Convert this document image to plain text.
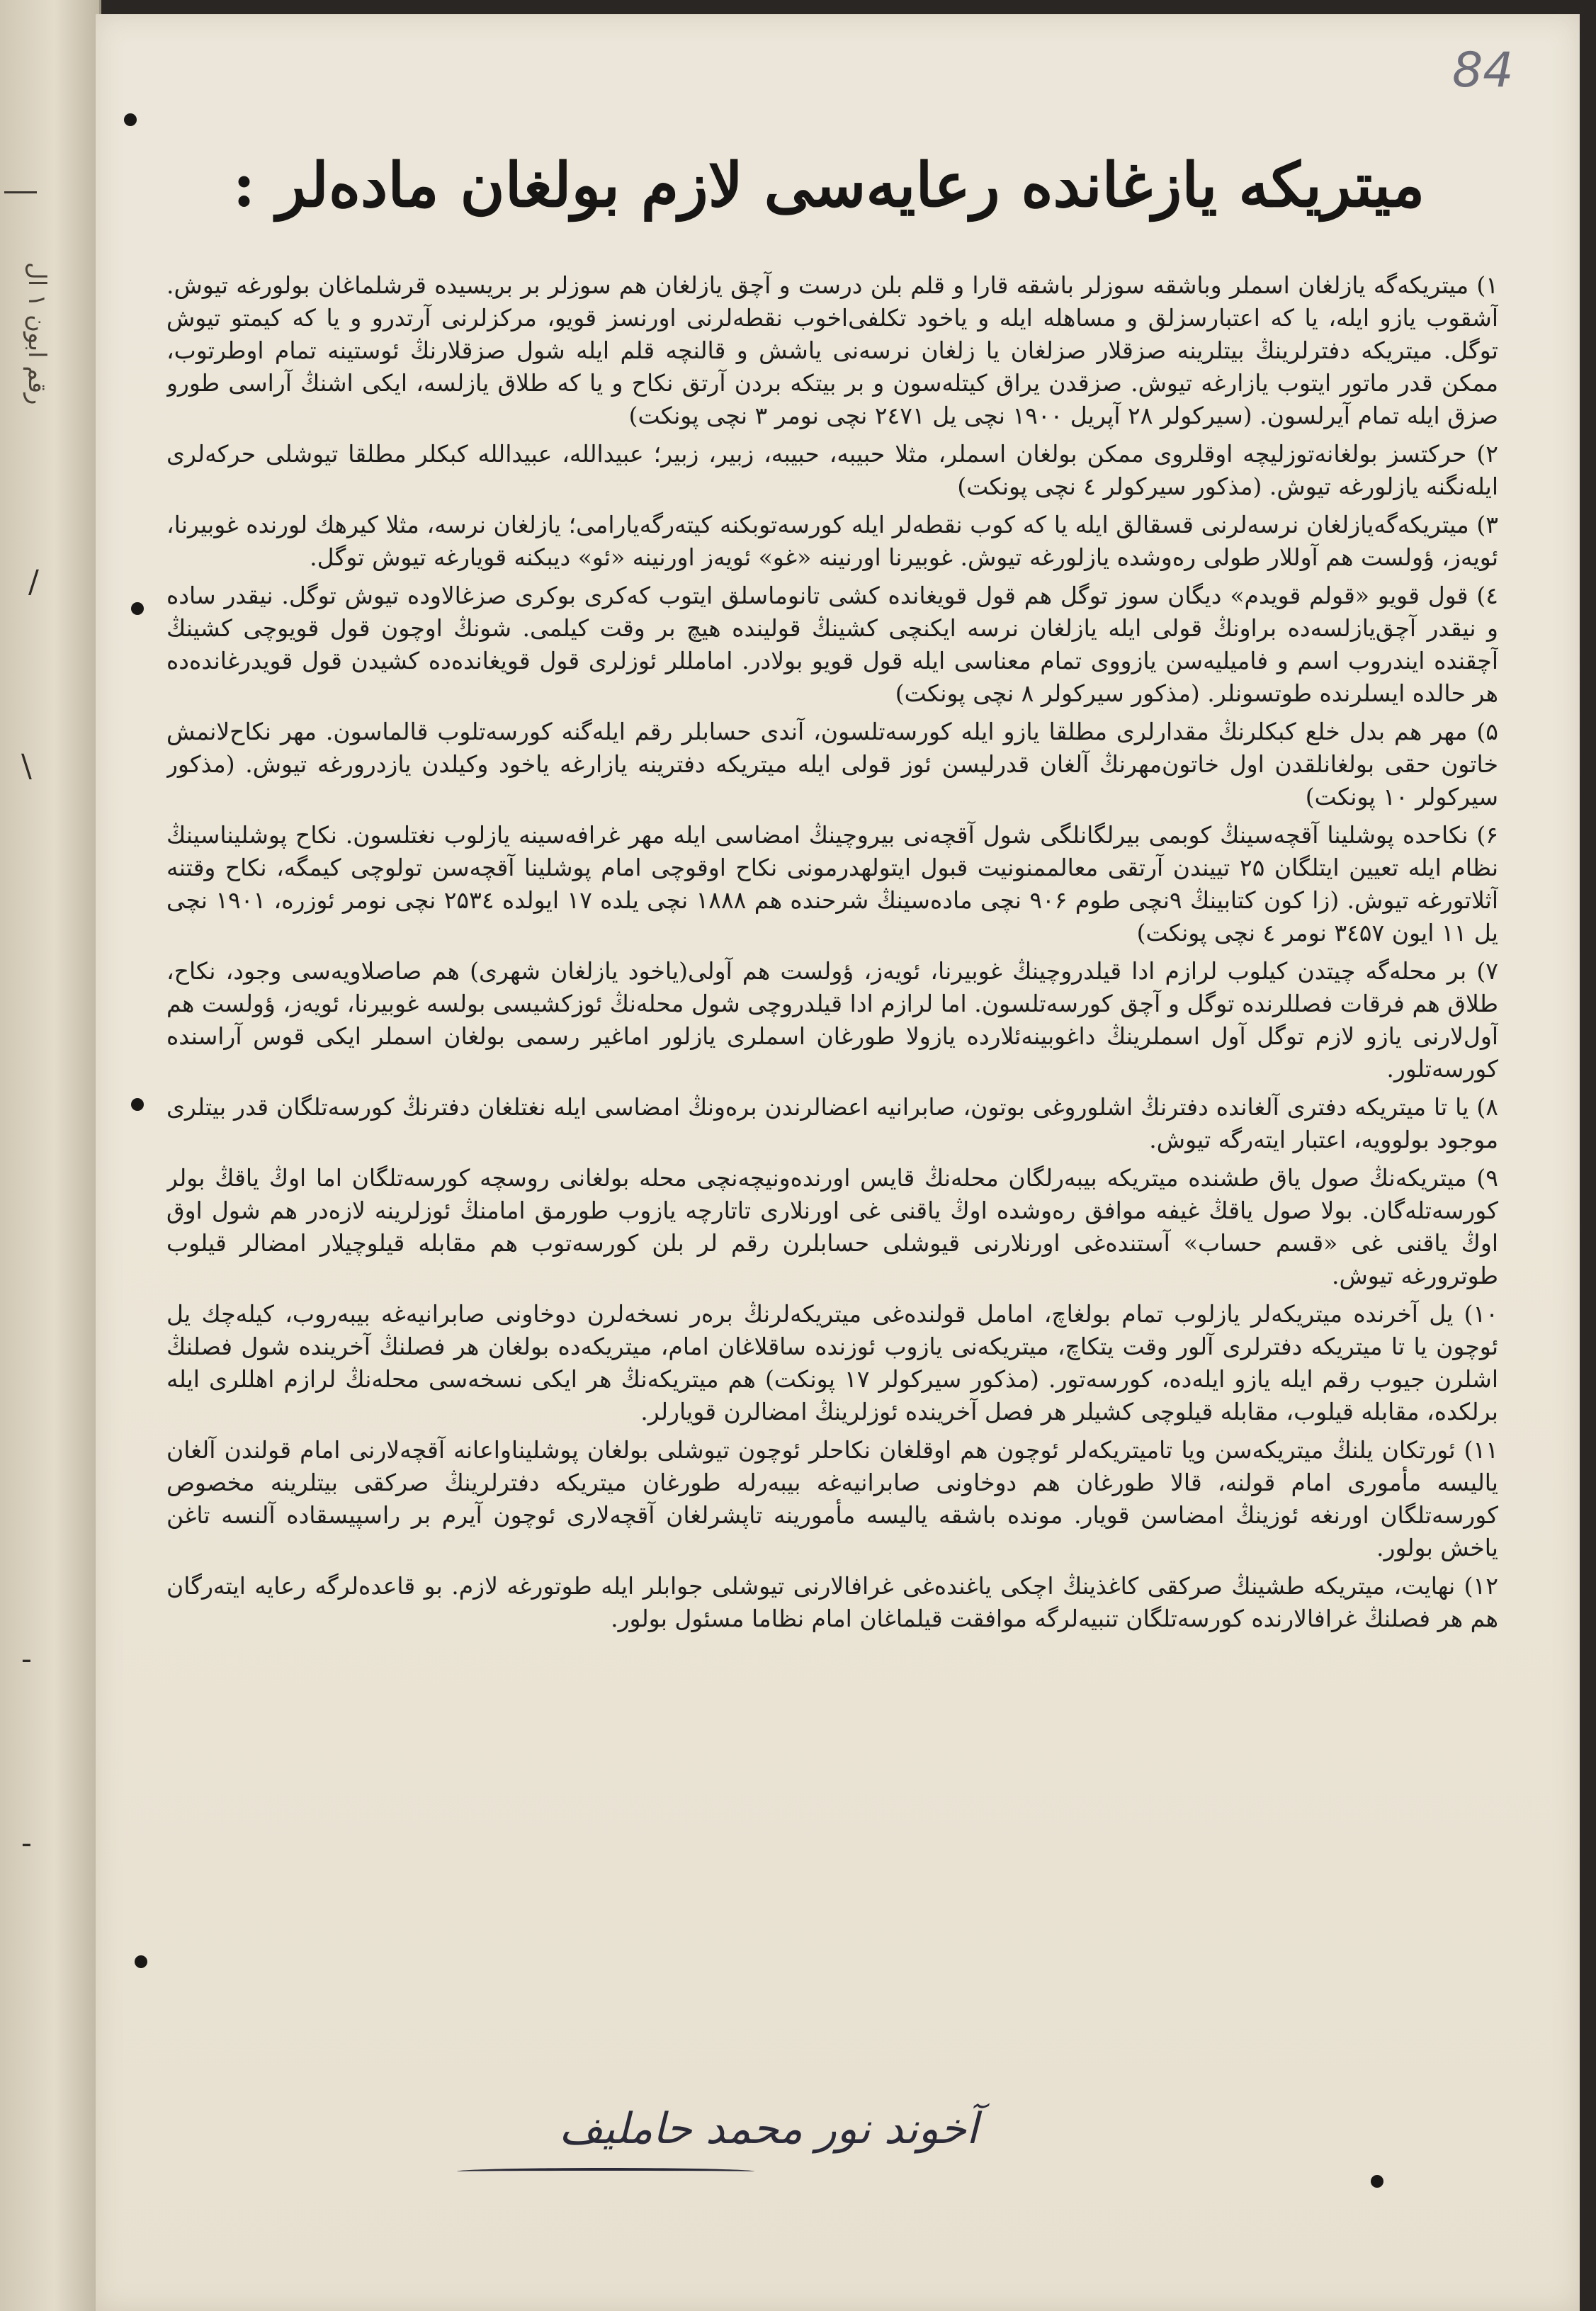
رقم ابون ۱ ال
/
\
-
-
84
میتریکه یازغانده رعایه‌سی لازم بولغان ماده‌لر :

۱) میتریکه‌گه یازلغان اسملر وباشقه سوزلر باشقه قارا و قلم بلن درست و آچق یازلغان هم سوزلر بر بریسیده قرشلماغان بولورغه تیوش. آشقوب یازو ایله، یا که اعتبارسزلق و مساهله ایله و یاخود تکلفی‌اخوب نقطه‌لرنی اورنسز قویو، مرکزلرنی آرتدرو و یا که کیمتو تیوش توگل. میتریکه دفترلرینڭ بیتلرینه صزقلار صزلغان یا زلغان نرسه‌نی یاشش و قالنچه قلم ایله شول صزقلارنڭ ئوستینه تمام اوطرتوب، ممکن قدر ماتور ایتوب یازارغه تیوش. صزقدن یراق کیتله‌سون و بر بیتکه بردن آرتق نکاح و یا که طلاق یازلسه، ایکی اشنڭ آراسی طورو صزق ایله تمام آیرلسون. (سیرکولر ۲۸ آپریل ۱۹۰۰ نچی یل ۲٤۷۱ نچی نومر ۳ نچی پونکت)

۲) حرکتسز بولغانه‌توزلیچه اوقلروی ممکن بولغان اسملر، مثلا حبیبه، حبیبه، زبیر، زبیر؛ عبیدالله، عبیدالله کبکلر مطلقا تیوشلی حرکه‌لری ایله‌نگنه یازلورغه تیوش. (مذکور سیرکولر ٤ نچی پونکت)

۳) میتریکه‌گه‌یازلغان نرسه‌لرنی قسقالق ایله یا که کوب نقطه‌لر ایله کورسه‌توبکنه کیته‌رگه‌یارامی؛ یازلغان نرسه، مثلا کیرهك لورنده غوبیرنا، ئویه‌ز، ؤولست هم آوللار طولی ره‌وشده یازلورغه تیوش. غوبیرنا اورنینه «غو» ئویه‌ز اورنینه «ئو» دیبکنه قویارغه تیوش توگل.

٤) قول قویو «قولم قویدم» دیگان سوز توگل هم قول قویغانده کشی تانوماسلق ایتوب که‌کری بوکری صزغالاوده تیوش توگل. نیقدر ساده و نیقدر آچق‌یازلسه‌ده براونڭ قولی ایله یازلغان نرسه ایکنچی کشینڭ قولینده هیچ بر وقت کیلمی. شونڭ اوچون قول قویوچی کشینڭ آچقنده ایندروب اسم و فامیلیه‌سن یازووی تمام معناسی ایله قول قویو بولادر. امامللر ئوزلری قول قویغانده‌ده کشیدن قول قویدرغانده‌ده هر حالده ایسلرنده طوتسونلر. (مذکور سیرکولر ۸ نچی پونکت)

۵) مهر هم بدل خلع کبکلرنڭ مقدارلری مطلقا یازو ایله کورسه‌تلسون، آندی حسابلر رقم ایله‌گنه کورسه‌تلوب قالماسون. مهر نکاح‌لانمش خاتون حقی بولغانلقدن اول خاتون‌مهرنڭ آلغان قدرلیسن ئوز قولی ایله میتریکه دفترینه یازارغه یاخود وکیلدن یازدرورغه تیوش. (مذکور سیرکولر ۱۰ پونکت)

۶) نکاحده پوشلینا آقچه‌سینڭ کوبمی بیرلگانلگی شول آقچه‌نی بیروچینڭ امضاسی ایله مهر غرافه‌سینه یازلوب نغتلسون. نکاح پوشلیناسینڭ نظام ایله تعیین ایتلگان ۲۵ تییندن آرتقی معالممنونیت قبول ایتولهدرمونی نکاح اوقوچی امام پوشلینا آقچه‌سن تولوچی کیمگه، نکاح وقتنه آثلاتورغه تیوش. (زا کون کتابینڭ ۹نچی طوم ۹۰۶ نچی ماده‌سینڭ شرحنده هم ۱۸۸۸ نچی یلده ۱۷ ایولده ۲۵۳٤ نچی نومر ئوزره، ۱۹۰۱ نچی یل ۱۱ ایون ۳٤۵۷ نومر ٤ نچی پونکت)

۷) بر محله‌گه چیتدن کیلوب لرازم ادا قیلدروچینڭ غوبیرنا، ئویه‌ز، ؤولست هم آولی(یاخود یازلغان شهری) هم صاصلاویه‌سی وجود، نکاح، طلاق هم فرقات فصللرنده توگل و آچق کورسه‌تلسون. اما لرازم ادا قیلدروچی شول محله‌نڭ ئوزکشیسی بولسه غوبیرنا، ئویه‌ز، ؤولست هم آول‌لارنی یازو لازم توگل آول اسملرینڭ داغوبینه‌ئلارده یازولا طورغان اسملری یازلور اماغیر رسمی بولغان اسملر ایکی قوس آراسنده کورسه‌تلور.

۸) یا تا میتریکه دفتری آلغانده دفترنڭ اشلوروغی بوتون، صابرانیه اعضالرندن بره‌ونڭ امضاسی ایله نغتلغان دفترنڭ کورسه‌تلگان قدر بیتلری موجود بولوویه، اعتبار ایته‌رگه تیوش.

۹) میتریکه‌نڭ صول یاق طشنده میتریکه بیبه‌رلگان محله‌نڭ قایس اورنده‌ونیچه‌نچی محله بولغانی روسچه کورسه‌تلگان اما اوڭ یاقڭ بولر کورسه‌تله‌گان. بولا صول یاقڭ غیفه موافق ره‌وشده اوڭ یاقنی غی اورنلاری تاتارچه یازوب طورمق امامنڭ ئوزلرینه لازه‌در هم شول اوق اوڭ یاقنی غی «قسم حساب» آستنده‌غی اورنلارنی قیوشلی حسابلرن رقم لر بلن کورسه‌توب هم مقابله قیلوچیلار امضالر قیلوب طوترورغه تیوش.

۱۰) یل آخرنده میتریکه‌لر یازلوب تمام بولغاچ، امامل قولنده‌غی میتریکه‌لرنڭ بره‌ر نسخه‌لرن دوخاونی صابرانیه‌غه بیبه‌روب، کیله‌چك یل ئوچون یا تا میتریکه دفترلری آلور وقت یتکاچ، میتریکه‌نی یازوب ئوزنده ساقلاغان امام، میتریکه‌ده بولغان هر فصلنڭ آخرینده شول فصلنڭ اشلرن جیوب رقم ایله یازو ایله‌ده، کورسه‌تور. (مذکور سیرکولر ۱۷ پونکت) هم میتریکه‌نڭ هر ایکی نسخه‌سی محله‌نڭ لرازم اهللری ایله برلکده، مقابله قیلوب، مقابله قیلوچی کشیلر هر فصل آخرینده ئوزلرینڭ امضالرن قویارلر.

۱۱) ئورتکان یلنڭ میتریکه‌سن ویا تامیتریکه‌لر ئوچون هم اوقلغان نکاحلر ئوچون تیوشلی بولغان پوشلیناواعانه آقچه‌لارنی امام قولندن آلغان یالیسه مأموری امام قولنه، قالا طورغان هم دوخاونی صابرانیه‌غه بیبه‌رله طورغان میتریکه دفترلرینڭ صرکقی بیتلرینه مخصوص کورسه‌تلگان اورنغه ئوزینڭ امضاسن قویار. مونده باشقه یالیسه مأمورینه تاپشرلغان آقچه‌لاری ئوچون آیرم بر راسپیسقاده آلنسه تاغن یاخش بولور.

۱۲) نهایت، میتریکه طشینڭ صرکقی کاغذینڭ اچکی یاغنده‌غی غرافالارنی تیوشلی جوابلر ایله طوتورغه لازم. بو قاعده‌لرگه رعایه ایته‌رگان هم هر فصلنڭ غرافالارنده کورسه‌تلگان تنبیه‌لرگه موافقت قیلماغان امام نظاما مسئول بولور.

آخوند نور محمد حاملیف
